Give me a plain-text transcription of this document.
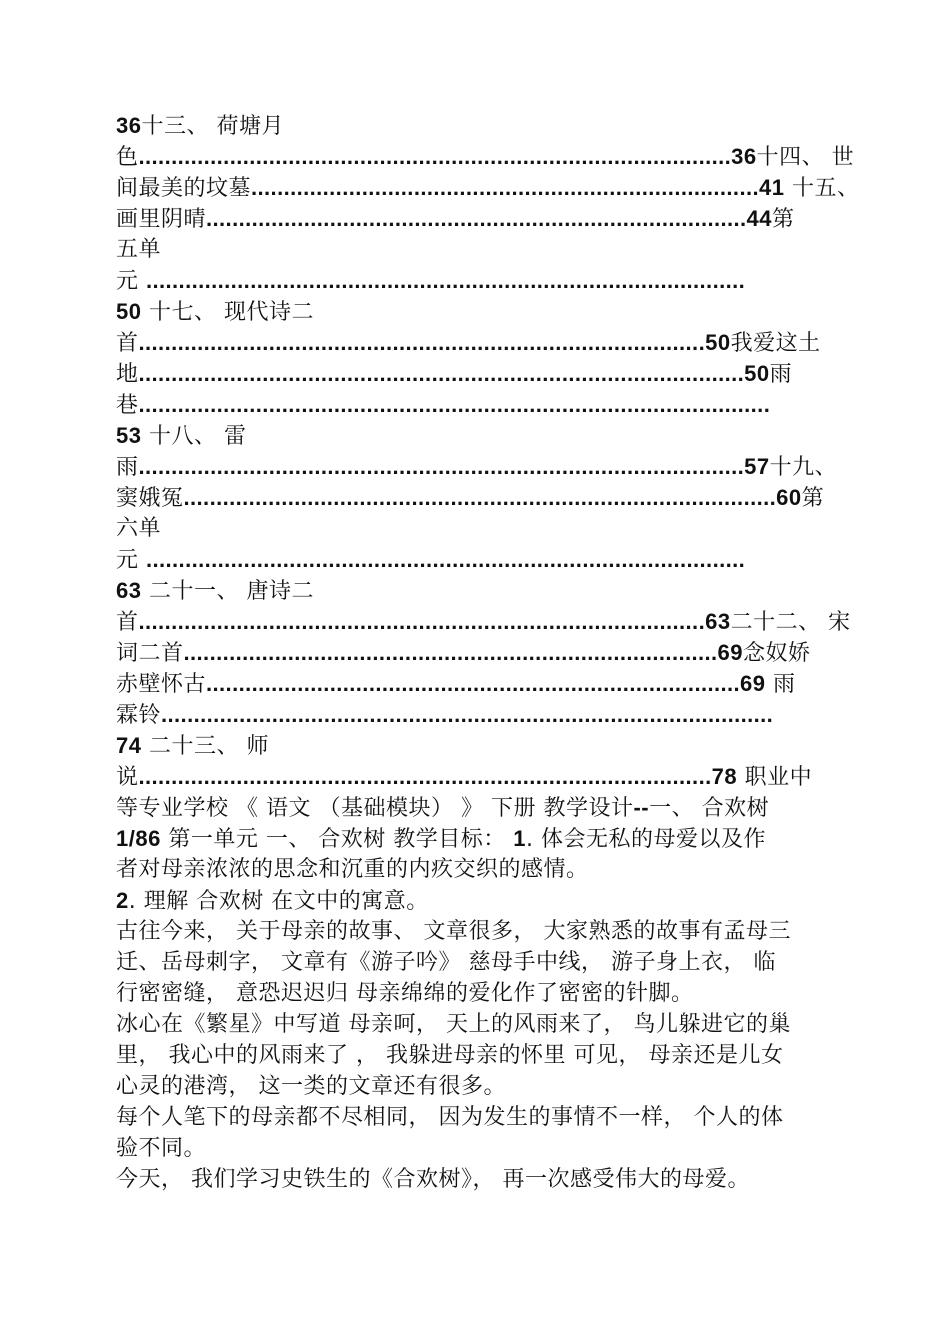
36十三、 荷塘月
色...........................................................................................36十四、 世
间最美的坟墓..............................................................................41 十五、
画里阴晴...................................................................................44第
五单
元 ............................................................................................
50 十七、 现代诗二
首.......................................................................................50我爱这土
地.............................................................................................50雨
巷.................................................................................................
53 十八、 雷
雨.............................................................................................57十九、
窦娥冤...........................................................................................60第
六单
元 ............................................................................................
63 二十一、 唐诗二
首.......................................................................................63二十二、 宋
词二首..................................................................................69念奴娇
赤壁怀古..................................................................................69 雨
霖铃..............................................................................................
74 二十三、 师
说........................................................................................78 职业中
等专业学校 《 语文 （基础模块） 》 下册 教学设计--一、 合欢树
1/86 第一单元 一、 合欢树 教学目标： 1. 体会无私的母爱以及作
者对母亲浓浓的思念和沉重的内疚交织的感情。
2. 理解 合欢树 在文中的寓意。
古往今来， 关于母亲的故事、 文章很多， 大家熟悉的故事有孟母三
迁、岳母刺字， 文章有《游子吟》 慈母手中线， 游子身上衣， 临
行密密缝， 意恐迟迟归 母亲绵绵的爱化作了密密的针脚。
冰心在《繁星》中写道 母亲呵， 天上的风雨来了， 鸟儿躲进它的巢
里， 我心中的风雨来了 ， 我躲进母亲的怀里 可见， 母亲还是儿女
心灵的港湾， 这一类的文章还有很多。
每个人笔下的母亲都不尽相同， 因为发生的事情不一样， 个人的体
验不同。
今天， 我们学习史铁生的《合欢树》， 再一次感受伟大的母爱。
